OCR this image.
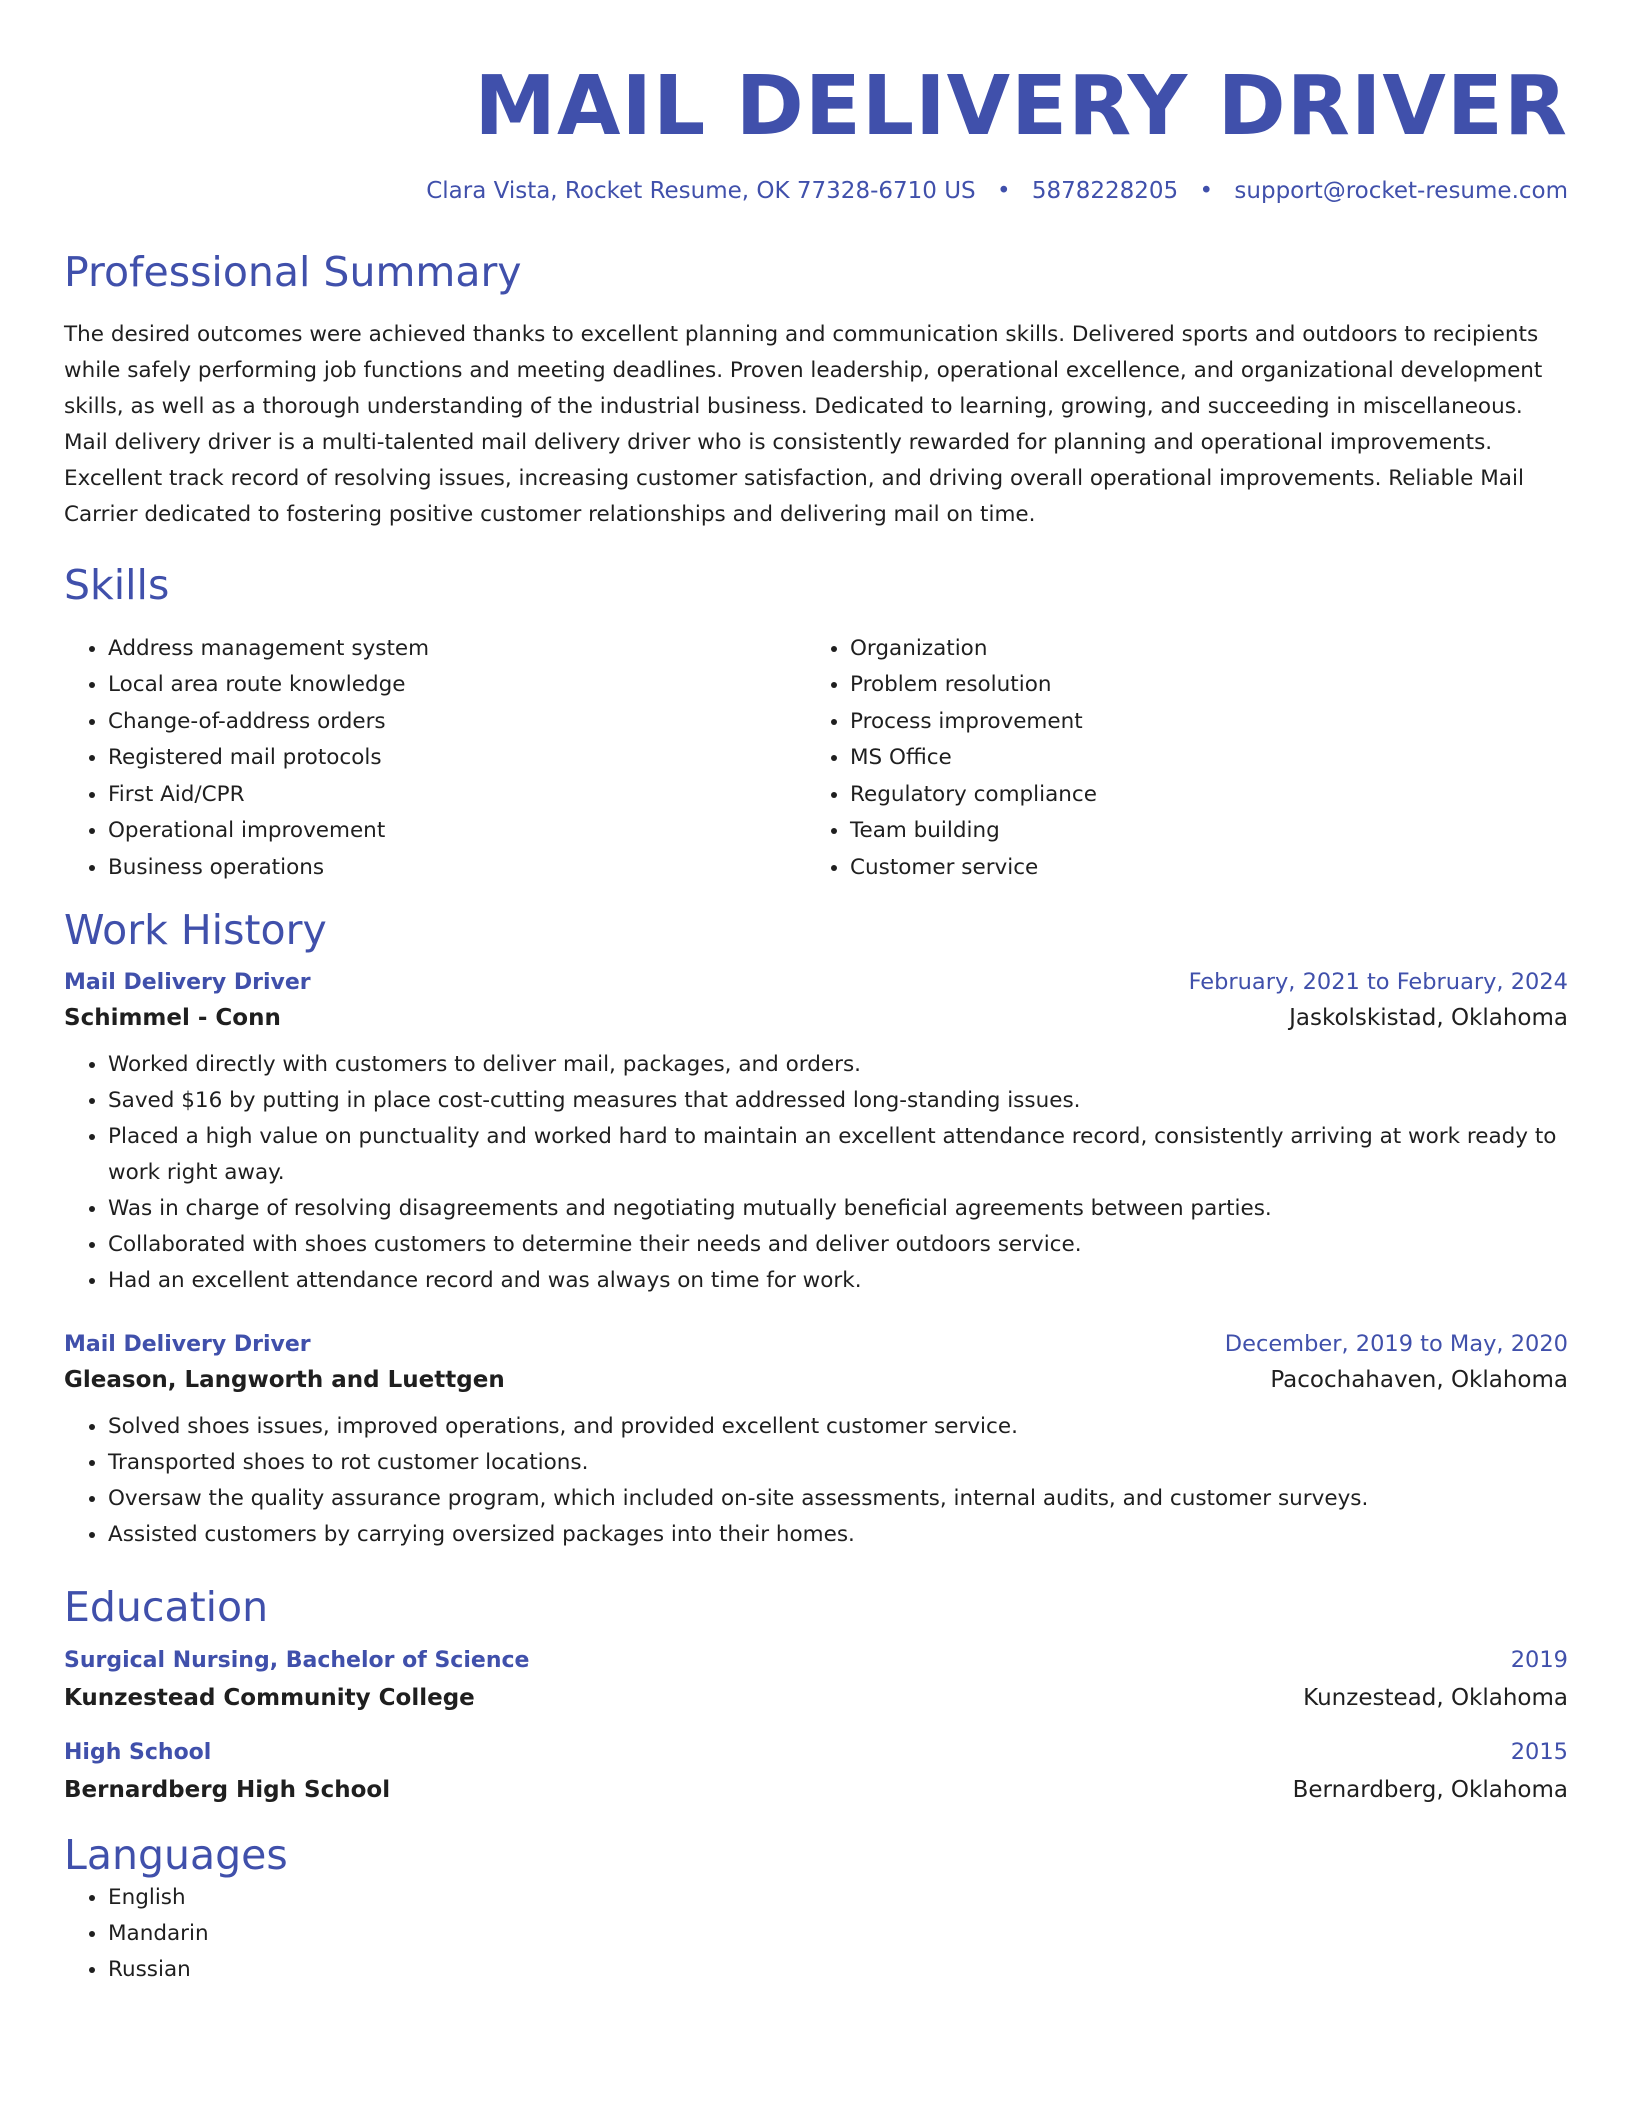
MAIL DELIVERY DRIVER
Clara Vista, Rocket Resume, OK 77328-6710 US • 5878228205 • support@rocket-resume.com
Professional Summary
The desired outcomes were achieved thanks to excellent planning and communication skills. Delivered sports and outdoors to recipients while safely performing job functions and meeting deadlines. Proven leadership, operational excellence, and organizational development skills, as well as a thorough understanding of the industrial business. Dedicated to learning, growing, and succeeding in miscellaneous. Mail delivery driver is a multi-talented mail delivery driver who is consistently rewarded for planning and operational improvements. Excellent track record of resolving issues, increasing customer satisfaction, and driving overall operational improvements. Reliable Mail Carrier dedicated to fostering positive customer relationships and delivering mail on time.
Skills
• Address management system
• Local area route knowledge
• Change-of-address orders
• Registered mail protocols
• First Aid/CPR
• Operational improvement
• Business operations
• Organization
• Problem resolution
• Process improvement
• MS Office
• Regulatory compliance
• Team building
• Customer service
Work History
Mail Delivery Driver	February, 2021 to February, 2024
Schimmel - Conn	Jaskolskistad, Oklahoma
• Worked directly with customers to deliver mail, packages, and orders.
• Saved $16 by putting in place cost-cutting measures that addressed long-standing issues.
• Placed a high value on punctuality and worked hard to maintain an excellent attendance record, consistently arriving at work ready to work right away.
• Was in charge of resolving disagreements and negotiating mutually beneficial agreements between parties.
• Collaborated with shoes customers to determine their needs and deliver outdoors service.
• Had an excellent attendance record and was always on time for work.
Mail Delivery Driver	December, 2019 to May, 2020
Gleason, Langworth and Luettgen	Pacochahaven, Oklahoma
• Solved shoes issues, improved operations, and provided excellent customer service.
• Transported shoes to rot customer locations.
• Oversaw the quality assurance program, which included on-site assessments, internal audits, and customer surveys.
• Assisted customers by carrying oversized packages into their homes.
Education
Surgical Nursing, Bachelor of Science	2019
Kunzestead Community College	Kunzestead, Oklahoma
High School	2015
Bernardberg High School	Bernardberg, Oklahoma
Languages
• English
• Mandarin
• Russian
